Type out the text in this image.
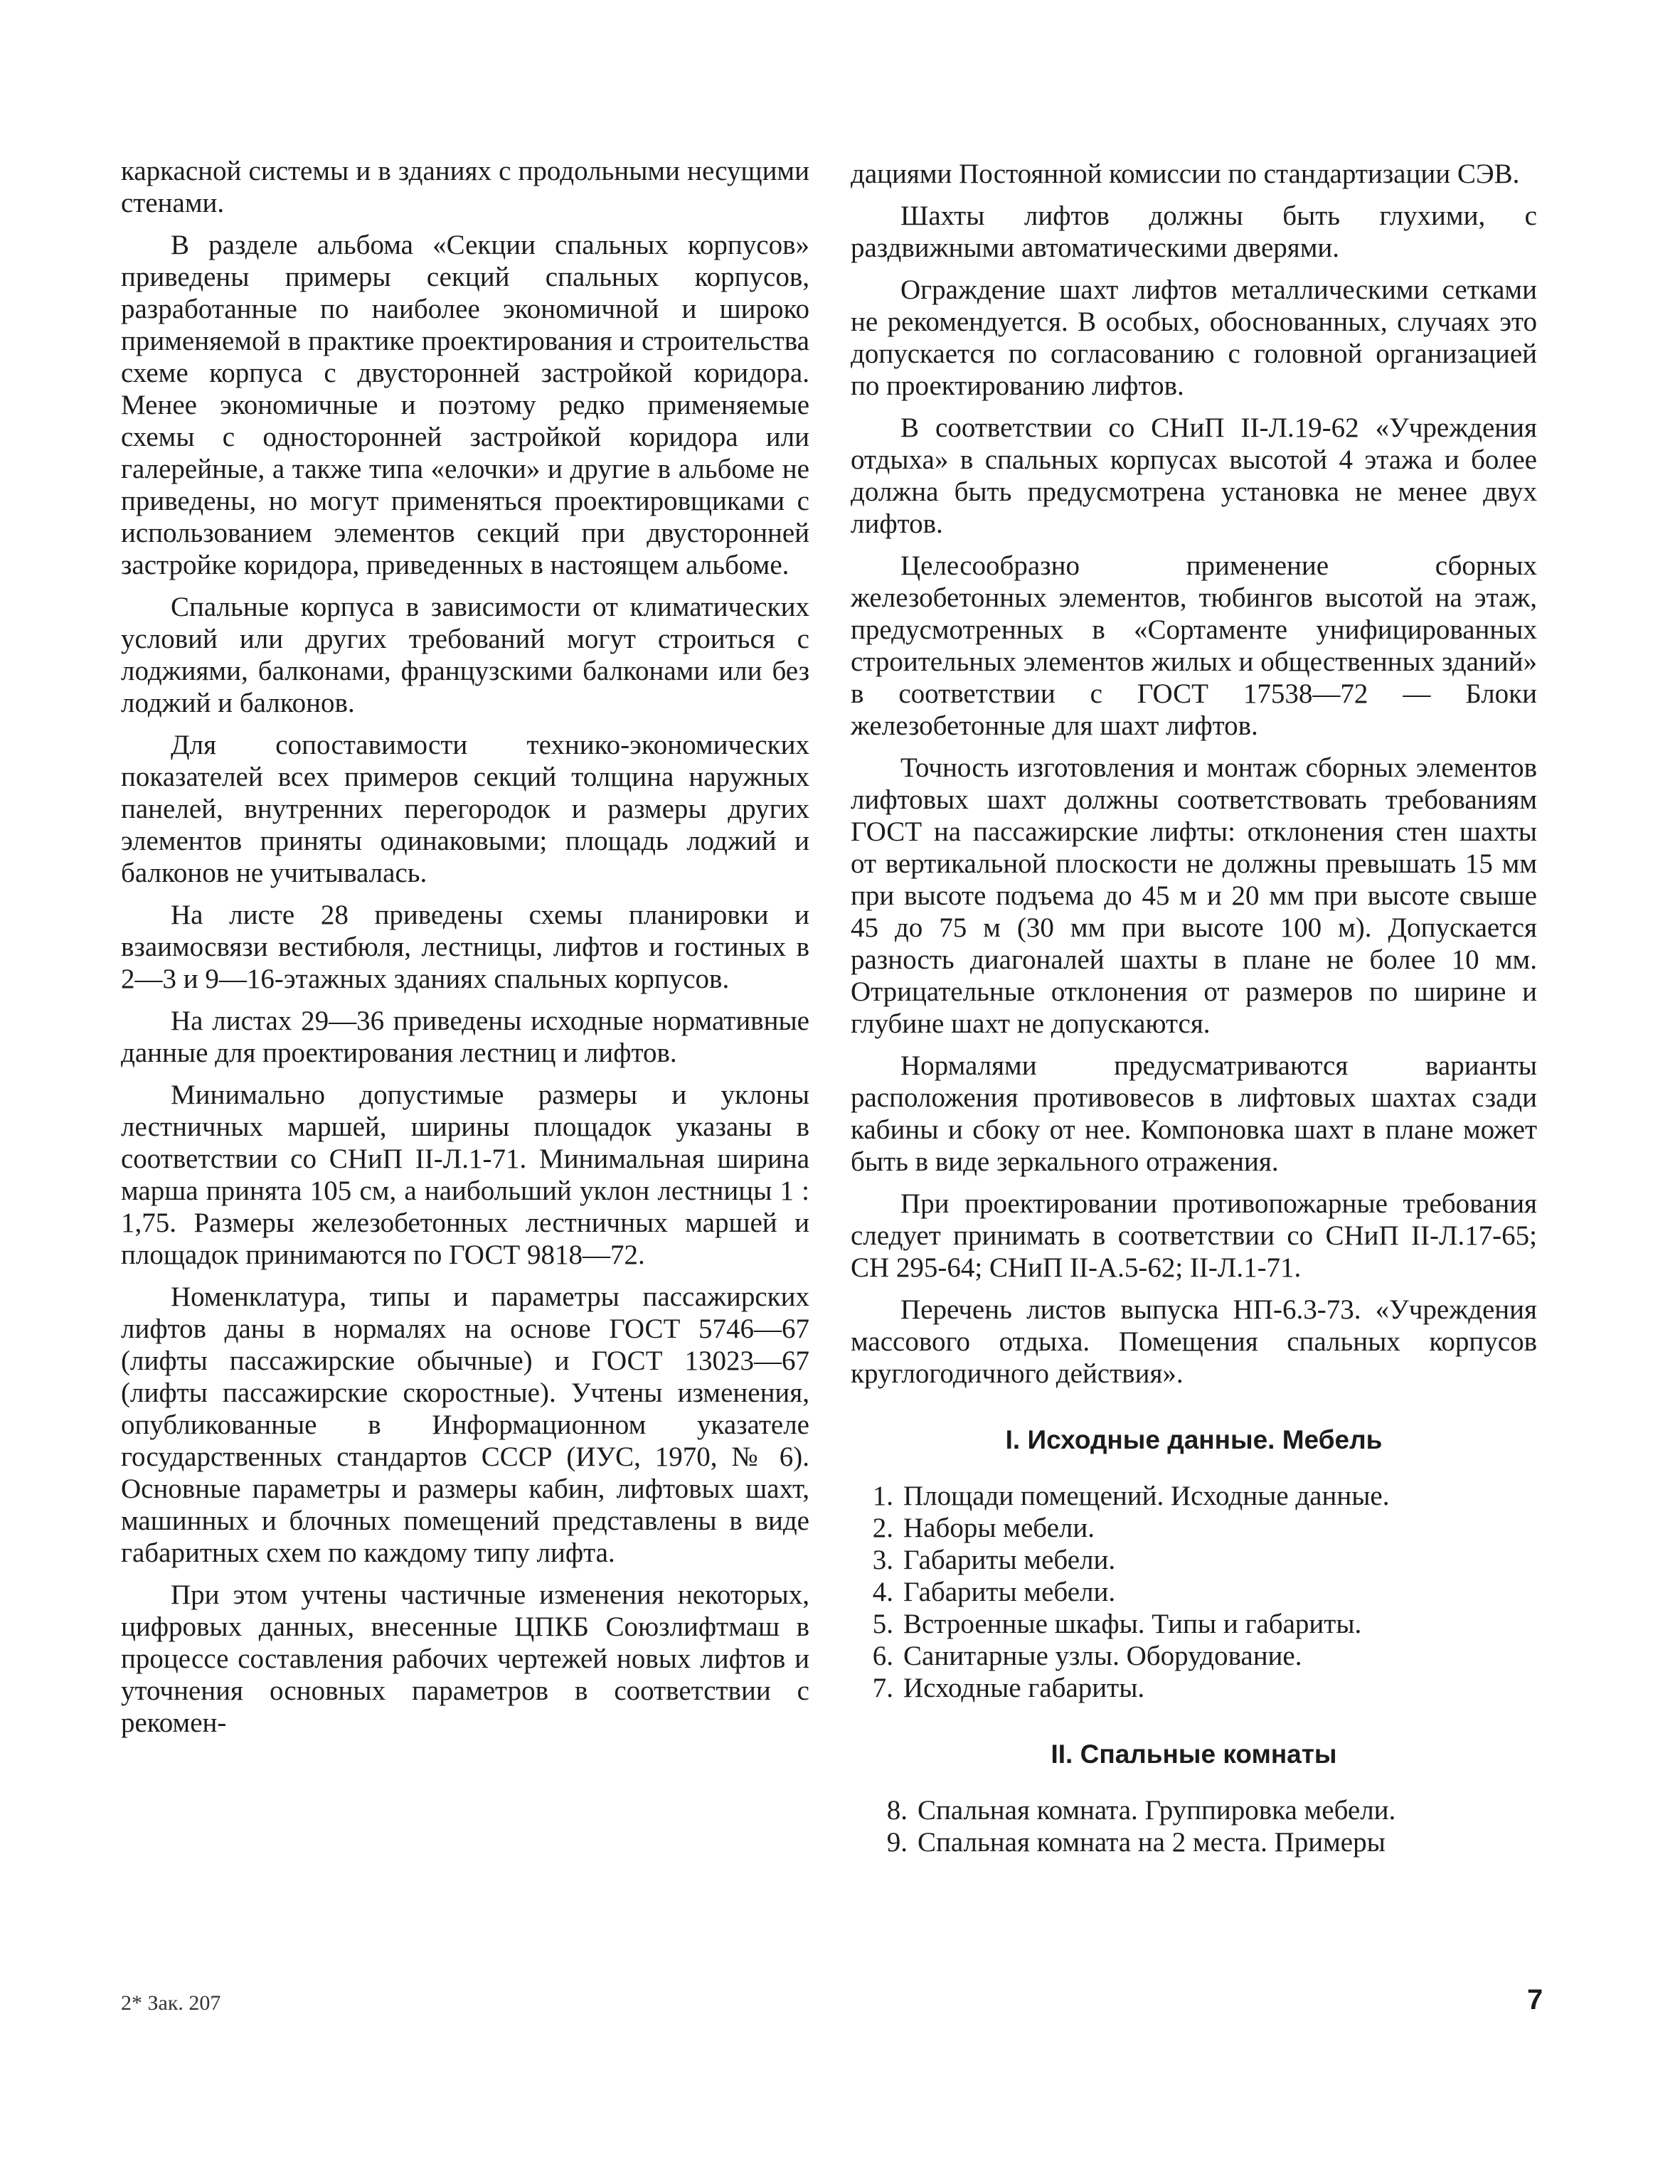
каркасной системы и в зданиях с продольными несущими стенами.

В разделе альбома «Секции спальных корпусов» приведены примеры секций спальных корпусов, разработанные по наиболее экономичной и широко применяемой в практике проектирования и строительства схеме корпуса с двусторонней застройкой коридора. Менее экономичные и поэтому редко применяемые схемы с односторонней застройкой коридора или галерейные, а также типа «елочки» и другие в альбоме не приведены, но могут применяться проектировщиками с использованием элементов секций при двусторонней застройке коридора, приведенных в настоящем альбоме.

Спальные корпуса в зависимости от климатических условий или других требований могут строиться с лоджиями, балконами, французскими балконами или без лоджий и балконов.

Для сопоставимости технико-экономических показателей всех примеров секций толщина наружных панелей, внутренних перегородок и размеры других элементов приняты одинаковыми; площадь лоджий и балконов не учитывалась.

На листе 28 приведены схемы планировки и взаимосвязи вестибюля, лестницы, лифтов и гостиных в 2—3 и 9—16-этажных зданиях спальных корпусов.

На листах 29—36 приведены исходные нормативные данные для проектирования лестниц и лифтов.

Минимально допустимые размеры и уклоны лестничных маршей, ширины площадок указаны в соответствии со СНиП II-Л.1-71. Минимальная ширина марша принята 105 см, а наибольший уклон лестницы 1 : 1,75. Размеры железобетонных лестничных маршей и площадок принимаются по ГОСТ 9818—72.

Номенклатура, типы и параметры пассажирских лифтов даны в нормалях на основе ГОСТ 5746—67 (лифты пассажирские обычные) и ГОСТ 13023—67 (лифты пассажирские скоростные). Учтены изменения, опубликованные в Информационном указателе государственных стандартов СССР (ИУС, 1970, № 6). Основные параметры и размеры кабин, лифтовых шахт, машинных и блочных помещений представлены в виде габаритных схем по каждому типу лифта.

При этом учтены частичные изменения некоторых, цифровых данных, внесенные ЦПКБ Союзлифтмаш в процессе составления рабочих чертежей новых лифтов и уточнения основных параметров в соответствии с рекомен-

дациями Постоянной комиссии по стандартизации СЭВ.

Шахты лифтов должны быть глухими, с раздвижными автоматическими дверями.

Ограждение шахт лифтов металлическими сетками не рекомендуется. В особых, обоснованных, случаях это допускается по согласованию с головной организацией по проектированию лифтов.

В соответствии со СНиП II-Л.19-62 «Учреждения отдыха» в спальных корпусах высотой 4 этажа и более должна быть предусмотрена установка не менее двух лифтов.

Целесообразно применение сборных железобетонных элементов, тюбингов высотой на этаж, предусмотренных в «Сортаменте унифицированных строительных элементов жилых и общественных зданий» в соответствии с ГОСТ 17538—72 — Блоки железобетонные для шахт лифтов.

Точность изготовления и монтаж сборных элементов лифтовых шахт должны соответствовать требованиям ГОСТ на пассажирские лифты: отклонения стен шахты от вертикальной плоскости не должны превышать 15 мм при высоте подъема до 45 м и 20 мм при высоте свыше 45 до 75 м (30 мм при высоте 100 м). Допускается разность диагоналей шахты в плане не более 10 мм. Отрицательные отклонения от размеров по ширине и глубине шахт не допускаются.

Нормалями предусматриваются варианты расположения противовесов в лифтовых шахтах сзади кабины и сбоку от нее. Компоновка шахт в плане может быть в виде зеркального отражения.

При проектировании противопожарные требования следует принимать в соответствии со СНиП II-Л.17-65; СН 295-64; СНиП II-А.5-62; II-Л.1-71.

Перечень листов выпуска НП-6.3-73. «Учреждения массового отдыха. Помещения спальных корпусов круглогодичного действия».

I. Исходные данные. Мебель
1. Площади помещений. Исходные данные.
2. Наборы мебели.
3. Габариты мебели.
4. Габариты мебели.
5. Встроенные шкафы. Типы и габариты.
6. Санитарные узлы. Оборудование.
7. Исходные габариты.
II. Спальные комнаты
8. Спальная комната. Группировка мебели.
9. Спальная комната на 2 места. Примеры
2* Зак. 207	7
